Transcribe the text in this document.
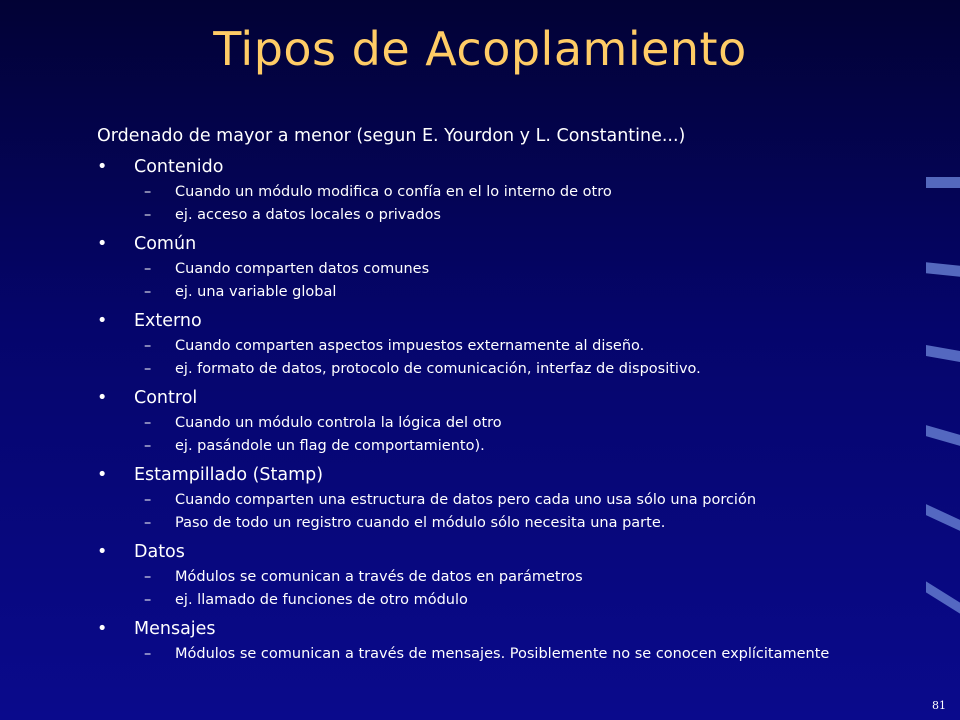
Tipos de Acoplamiento
Ordenado de mayor a menor (segun E. Yourdon y L. Constantine...)
• Contenido
– Cuando un módulo modifica o confía en el lo interno de otro
– ej. acceso a datos locales o privados
• Común
– Cuando comparten datos comunes
– ej. una variable global
• Externo
– Cuando comparten aspectos impuestos externamente al diseño.
– ej. formato de datos, protocolo de comunicación, interfaz de dispositivo.
• Control
– Cuando un módulo controla la lógica del otro
– ej. pasándole un flag de comportamiento).
• Estampillado (Stamp)
– Cuando comparten una estructura de datos pero cada uno usa sólo una porción
– Paso de todo un registro cuando el módulo sólo necesita una parte.
• Datos
– Módulos se comunican a través de datos en parámetros
– ej. llamado de funciones de otro módulo
• Mensajes
– Módulos se comunican a través de mensajes. Posiblemente no se conocen explícitamente
81
